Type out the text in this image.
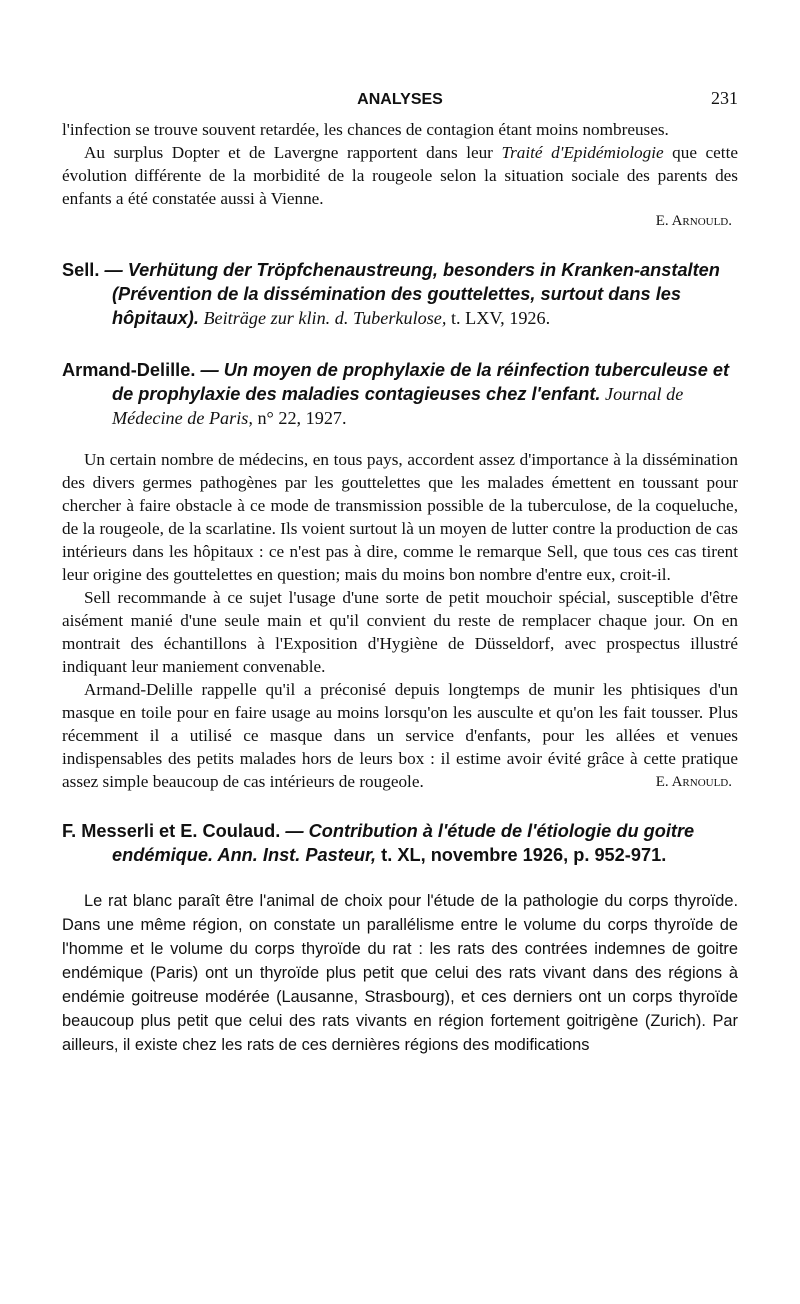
ANALYSES	231

l'infection se trouve souvent retardée, les chances de contagion étant moins nombreuses.

Au surplus Dopter et de Lavergne rapportent dans leur Traité d'Epidémiologie que cette évolution différente de la morbidité de la rougeole selon la situation sociale des parents des enfants a été constatée aussi à Vienne.

E. Arnould.

Sell. — Verhütung der Tröpfchenaustreung, besonders in Kranken-anstalten (Prévention de la dissémination des gouttelettes, surtout dans les hôpitaux). Beiträge zur klin. d. Tuberkulose, t. LXV, 1926.

Armand-Delille. — Un moyen de prophylaxie de la réinfection tuberculeuse et de prophylaxie des maladies contagieuses chez l'enfant. Journal de Médecine de Paris, n° 22, 1927.

Un certain nombre de médecins, en tous pays, accordent assez d'importance à la dissémination des divers germes pathogènes par les gouttelettes que les malades émettent en toussant pour chercher à faire obstacle à ce mode de transmission possible de la tuberculose, de la coqueluche, de la rougeole, de la scarlatine. Ils voient surtout là un moyen de lutter contre la production de cas intérieurs dans les hôpitaux : ce n'est pas à dire, comme le remarque Sell, que tous ces cas tirent leur origine des gouttelettes en question; mais du moins bon nombre d'entre eux, croit-il.

Sell recommande à ce sujet l'usage d'une sorte de petit mouchoir spécial, susceptible d'être aisément manié d'une seule main et qu'il convient du reste de remplacer chaque jour. On en montrait des échantillons à l'Exposition d'Hygiène de Düsseldorf, avec prospectus illustré indiquant leur maniement convenable.

Armand-Delille rappelle qu'il a préconisé depuis longtemps de munir les phtisiques d'un masque en toile pour en faire usage au moins lorsqu'on les ausculte et qu'on les fait tousser. Plus récemment il a utilisé ce masque dans un service d'enfants, pour les allées et venues indispensables des petits malades hors de leurs box : il estime avoir évité grâce à cette pratique assez simple beaucoup de cas intérieurs de rougeole.	E. Arnould.

F. Messerli et E. Coulaud. — Contribution à l'étude de l'étiologie du goitre endémique. Ann. Inst. Pasteur, t. XL, novembre 1926, p. 952-971.

Le rat blanc paraît être l'animal de choix pour l'étude de la pathologie du corps thyroïde. Dans une même région, on constate un parallélisme entre le volume du corps thyroïde de l'homme et le volume du corps thyroïde du rat : les rats des contrées indemnes de goitre endémique (Paris) ont un thyroïde plus petit que celui des rats vivant dans des régions à endémie goitreuse modérée (Lausanne, Strasbourg), et ces derniers ont un corps thyroïde beaucoup plus petit que celui des rats vivants en région fortement goitrigène (Zurich). Par ailleurs, il existe chez les rats de ces dernières régions des modifications
